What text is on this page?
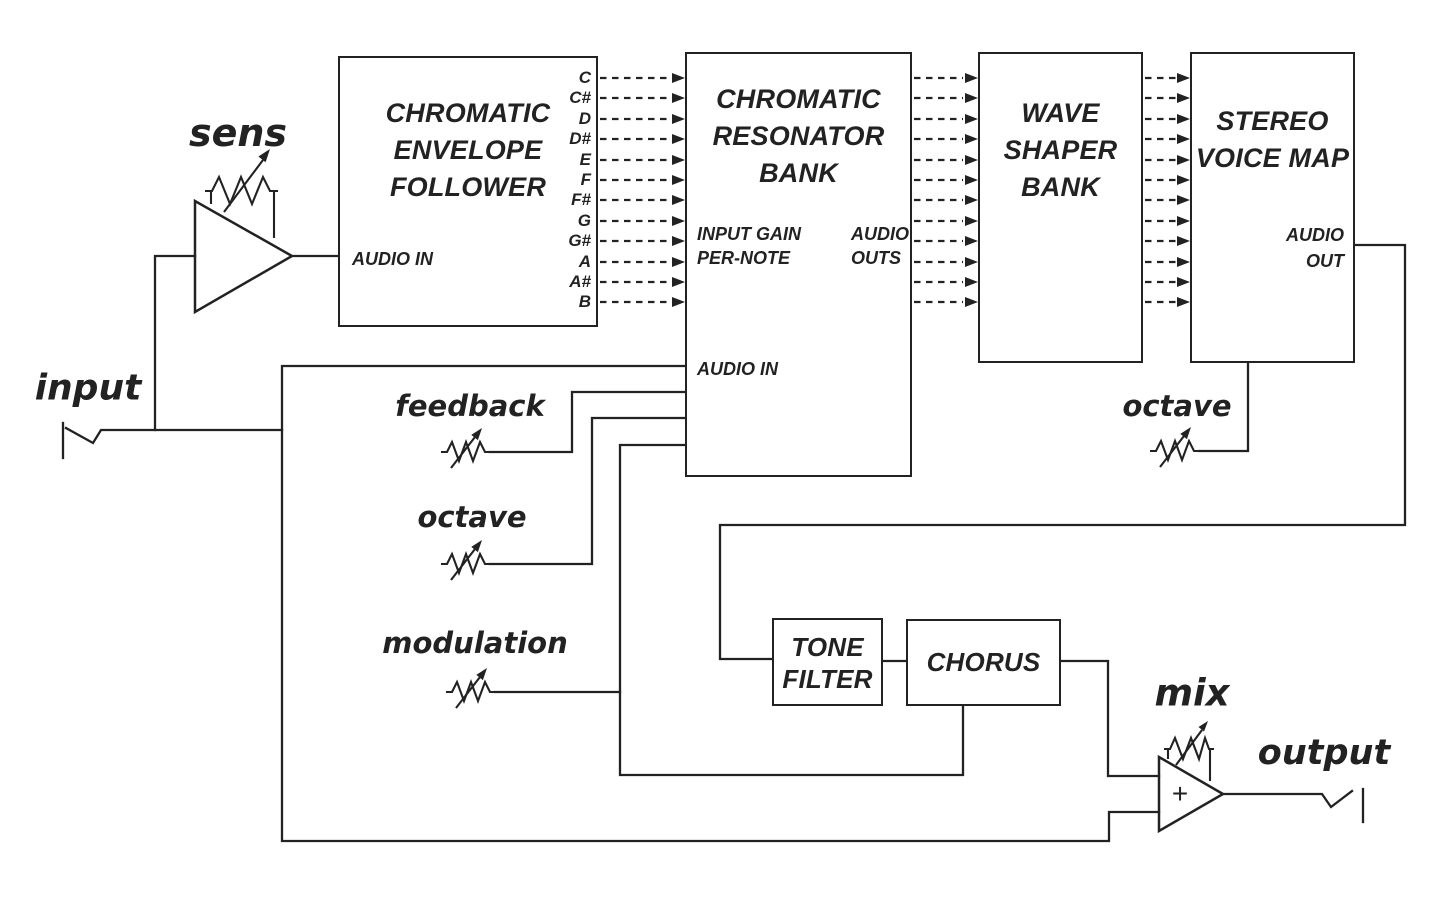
CHROMATIC
ENVELOPE
FOLLOWER
AUDIO IN
CHROMATIC
RESONATOR
BANK
INPUT GAIN
PER-NOTE
AUDIO
OUTS
AUDIO IN
WAVE
SHAPER
BANK
STEREO
VOICE MAP
AUDIO
OUT
TONE
FILTER
CHORUS
C
C#
D
D#
E
F
F#
G
G#
A
A#
B
sens
input	feedback
octave
modulation
octave
mix
output
+
